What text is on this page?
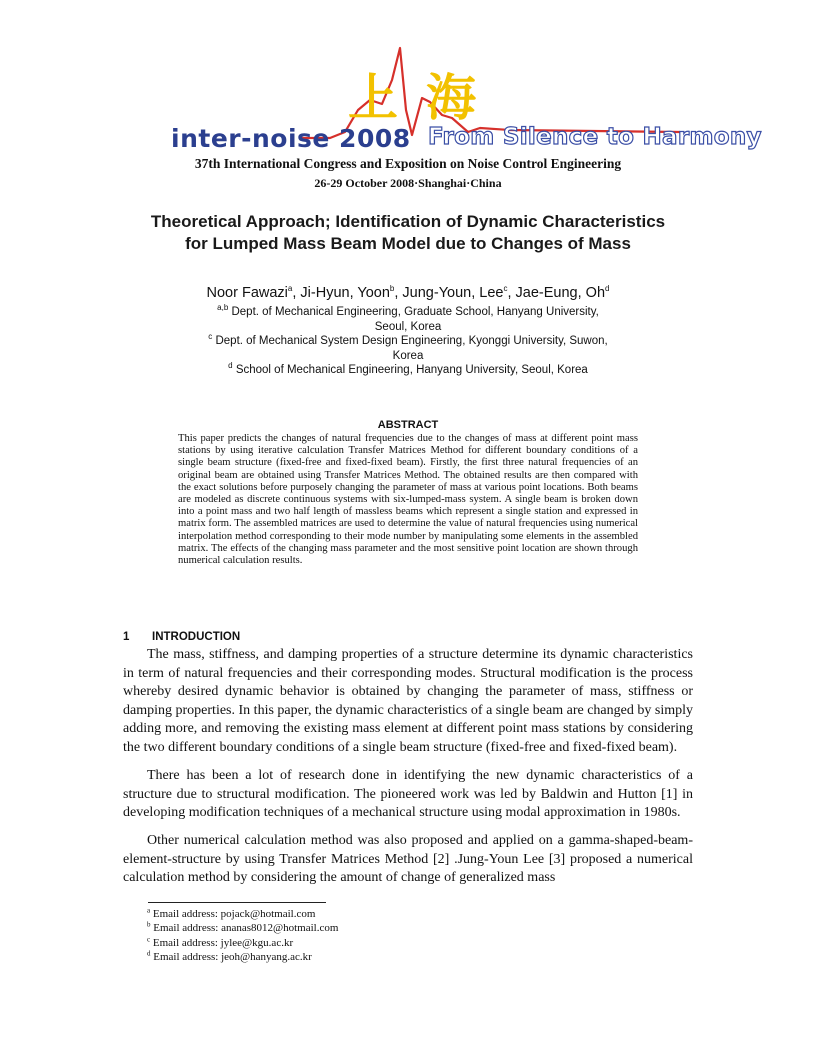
上海
inter-noise 2008 From Silence to Harmony
37th International Congress and Exposition on Noise Control Engineering
26-29 October 2008·Shanghai·China
Theoretical Approach; Identification of Dynamic Characteristics
for Lumped Mass Beam Model due to Changes of Mass
Noor Fawazi$^a$, Ji-Hyun, Yoon$^b$, Jung-Youn, Lee$^c$, Jae-Eung, Oh$^d$
$^{a,b}$ Dept. of Mechanical Engineering, Graduate School, Hanyang University,
Seoul, Korea
$^c$ Dept. of Mechanical System Design Engineering, Kyonggi University, Suwon,
Korea
$^d$ School of Mechanical Engineering, Hanyang University, Seoul, Korea
ABSTRACT
This paper predicts the changes of natural frequencies due to the changes of mass at different point mass stations by using iterative calculation Transfer Matrices Method for different boundary conditions of a single beam structure (fixed-free and fixed-fixed beam). Firstly, the first three natural frequencies of an original beam are obtained using Transfer Matrices Method. The obtained results are then compared with the exact solutions before purposely changing the parameter of mass at various point locations. Both beams are modeled as discrete continuous systems with six-lumped-mass system. A single beam is broken down into a point mass and two half length of massless beams which represent a single station and expressed in matrix form. The assembled matrices are used to determine the value of natural frequencies using numerical interpolation method corresponding to their mode number by manipulating some elements in the assembled matrix. The effects of the changing mass parameter and the most sensitive point location are shown through numerical calculation results.
1 INTRODUCTION

The mass, stiffness, and damping properties of a structure determine its dynamic characteristics in term of natural frequencies and their corresponding modes. Structural modification is the process whereby desired dynamic behavior is obtained by changing the parameter of mass, stiffness or damping properties. In this paper, the dynamic characteristics of a single beam are changed by simply adding more, and removing the existing mass element at different point mass stations by considering the two different boundary conditions of a single beam structure (fixed-free and fixed-fixed beam).

There has been a lot of research done in identifying the new dynamic characteristics of a structure due to structural modification. The pioneered work was led by Baldwin and Hutton [1] in developing modification techniques of a mechanical structure using modal approximation in 1980s.

Other numerical calculation method was also proposed and applied on a gamma-shaped-beam-element-structure by using Transfer Matrices Method [2] .Jung-Youn Lee [3] proposed a numerical calculation method by considering the amount of change of generalized mass

$^a$ Email address: pojack@hotmail.com
$^b$ Email address: ananas8012@hotmail.com
$^c$ Email address: jylee@kgu.ac.kr
$^d$ Email address: jeoh@hanyang.ac.kr
